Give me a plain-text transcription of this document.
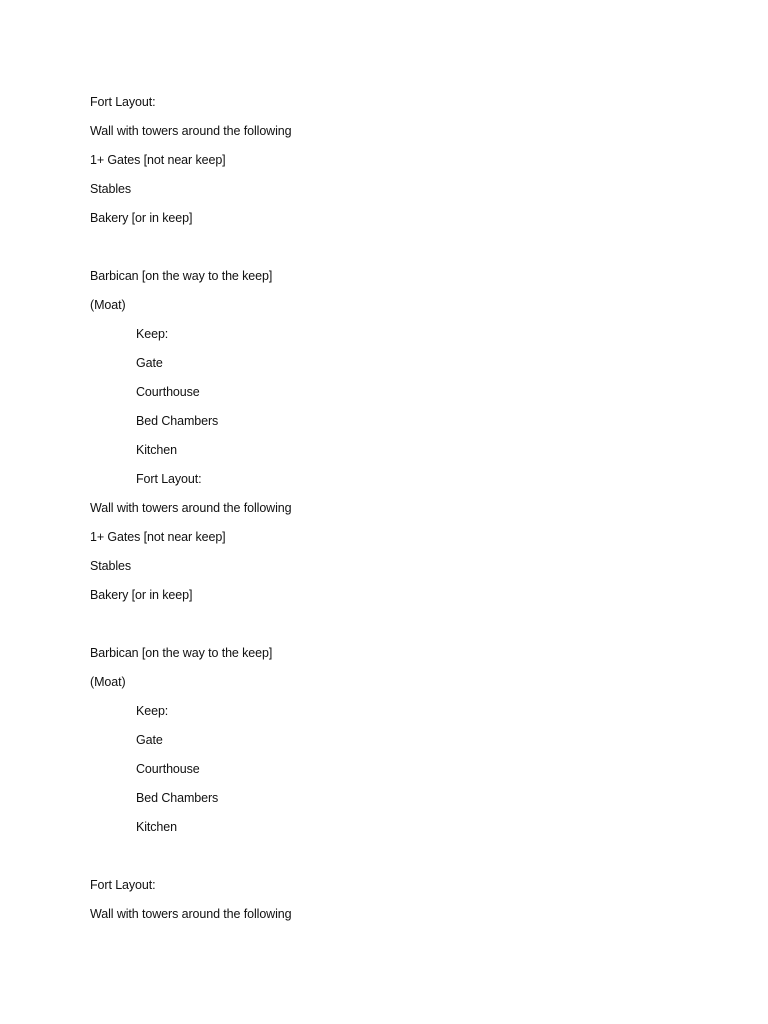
Fort Layout:
Wall with towers around the following
1+ Gates [not near keep]
Stables
Bakery [or in keep]
Barbican [on the way to the keep]
(Moat)
Keep:
Gate
Courthouse
Bed Chambers
Kitchen
Fort Layout:
Wall with towers around the following
1+ Gates [not near keep]
Stables
Bakery [or in keep]
Barbican [on the way to the keep]
(Moat)
Keep:
Gate
Courthouse
Bed Chambers
Kitchen
Fort Layout:
Wall with towers around the following
